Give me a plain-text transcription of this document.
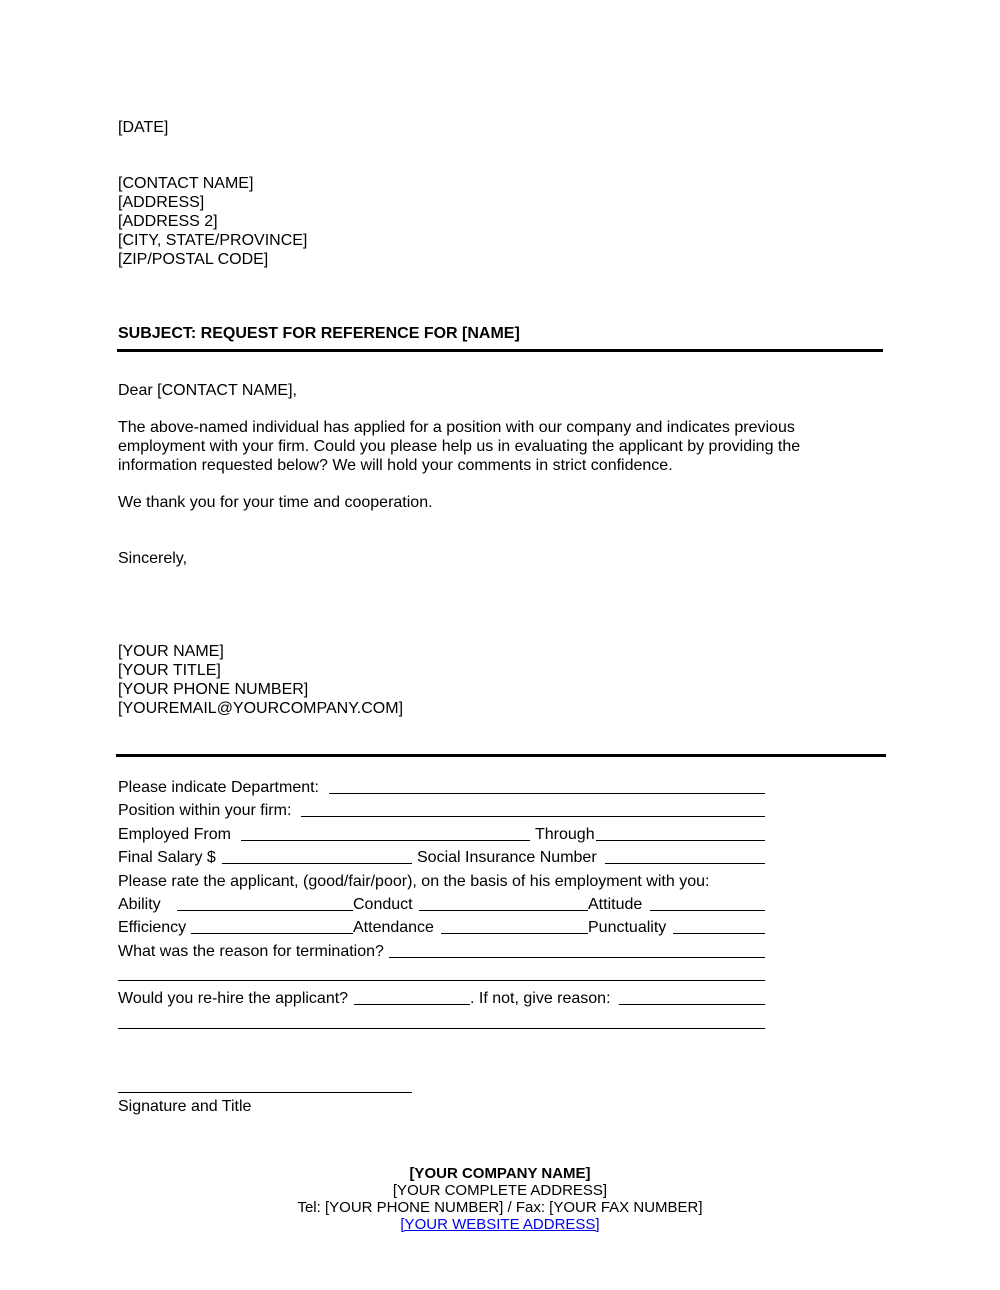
[DATE]
[CONTACT NAME]
[ADDRESS]
[ADDRESS 2]
[CITY, STATE/PROVINCE]
[ZIP/POSTAL CODE]
SUBJECT: REQUEST FOR REFERENCE FOR [NAME]
Dear [CONTACT NAME],
The above-named individual has applied for a position with our company and indicates previous
employment with your firm. Could you please help us in evaluating the applicant by providing the
information requested below? We will hold your comments in strict confidence.
We thank you for your time and cooperation.
Sincerely,
[YOUR NAME]
[YOUR TITLE]
[YOUR PHONE NUMBER]
[YOUREMAIL@YOURCOMPANY.COM]
Please indicate Department:
Position within your firm:
Employed From	Through
Final Salary $	Social Insurance Number
Please rate the applicant, (good/fair/poor), on the basis of his employment with you:
Ability	Conduct	Attitude
Efficiency	Attendance	Punctuality
What was the reason for termination?
Would you re-hire the applicant?	. If not, give reason:
Signature and Title
[YOUR COMPANY NAME]
[YOUR COMPLETE ADDRESS]
Tel: [YOUR PHONE NUMBER] / Fax: [YOUR FAX NUMBER]
[YOUR WEBSITE ADDRESS]
